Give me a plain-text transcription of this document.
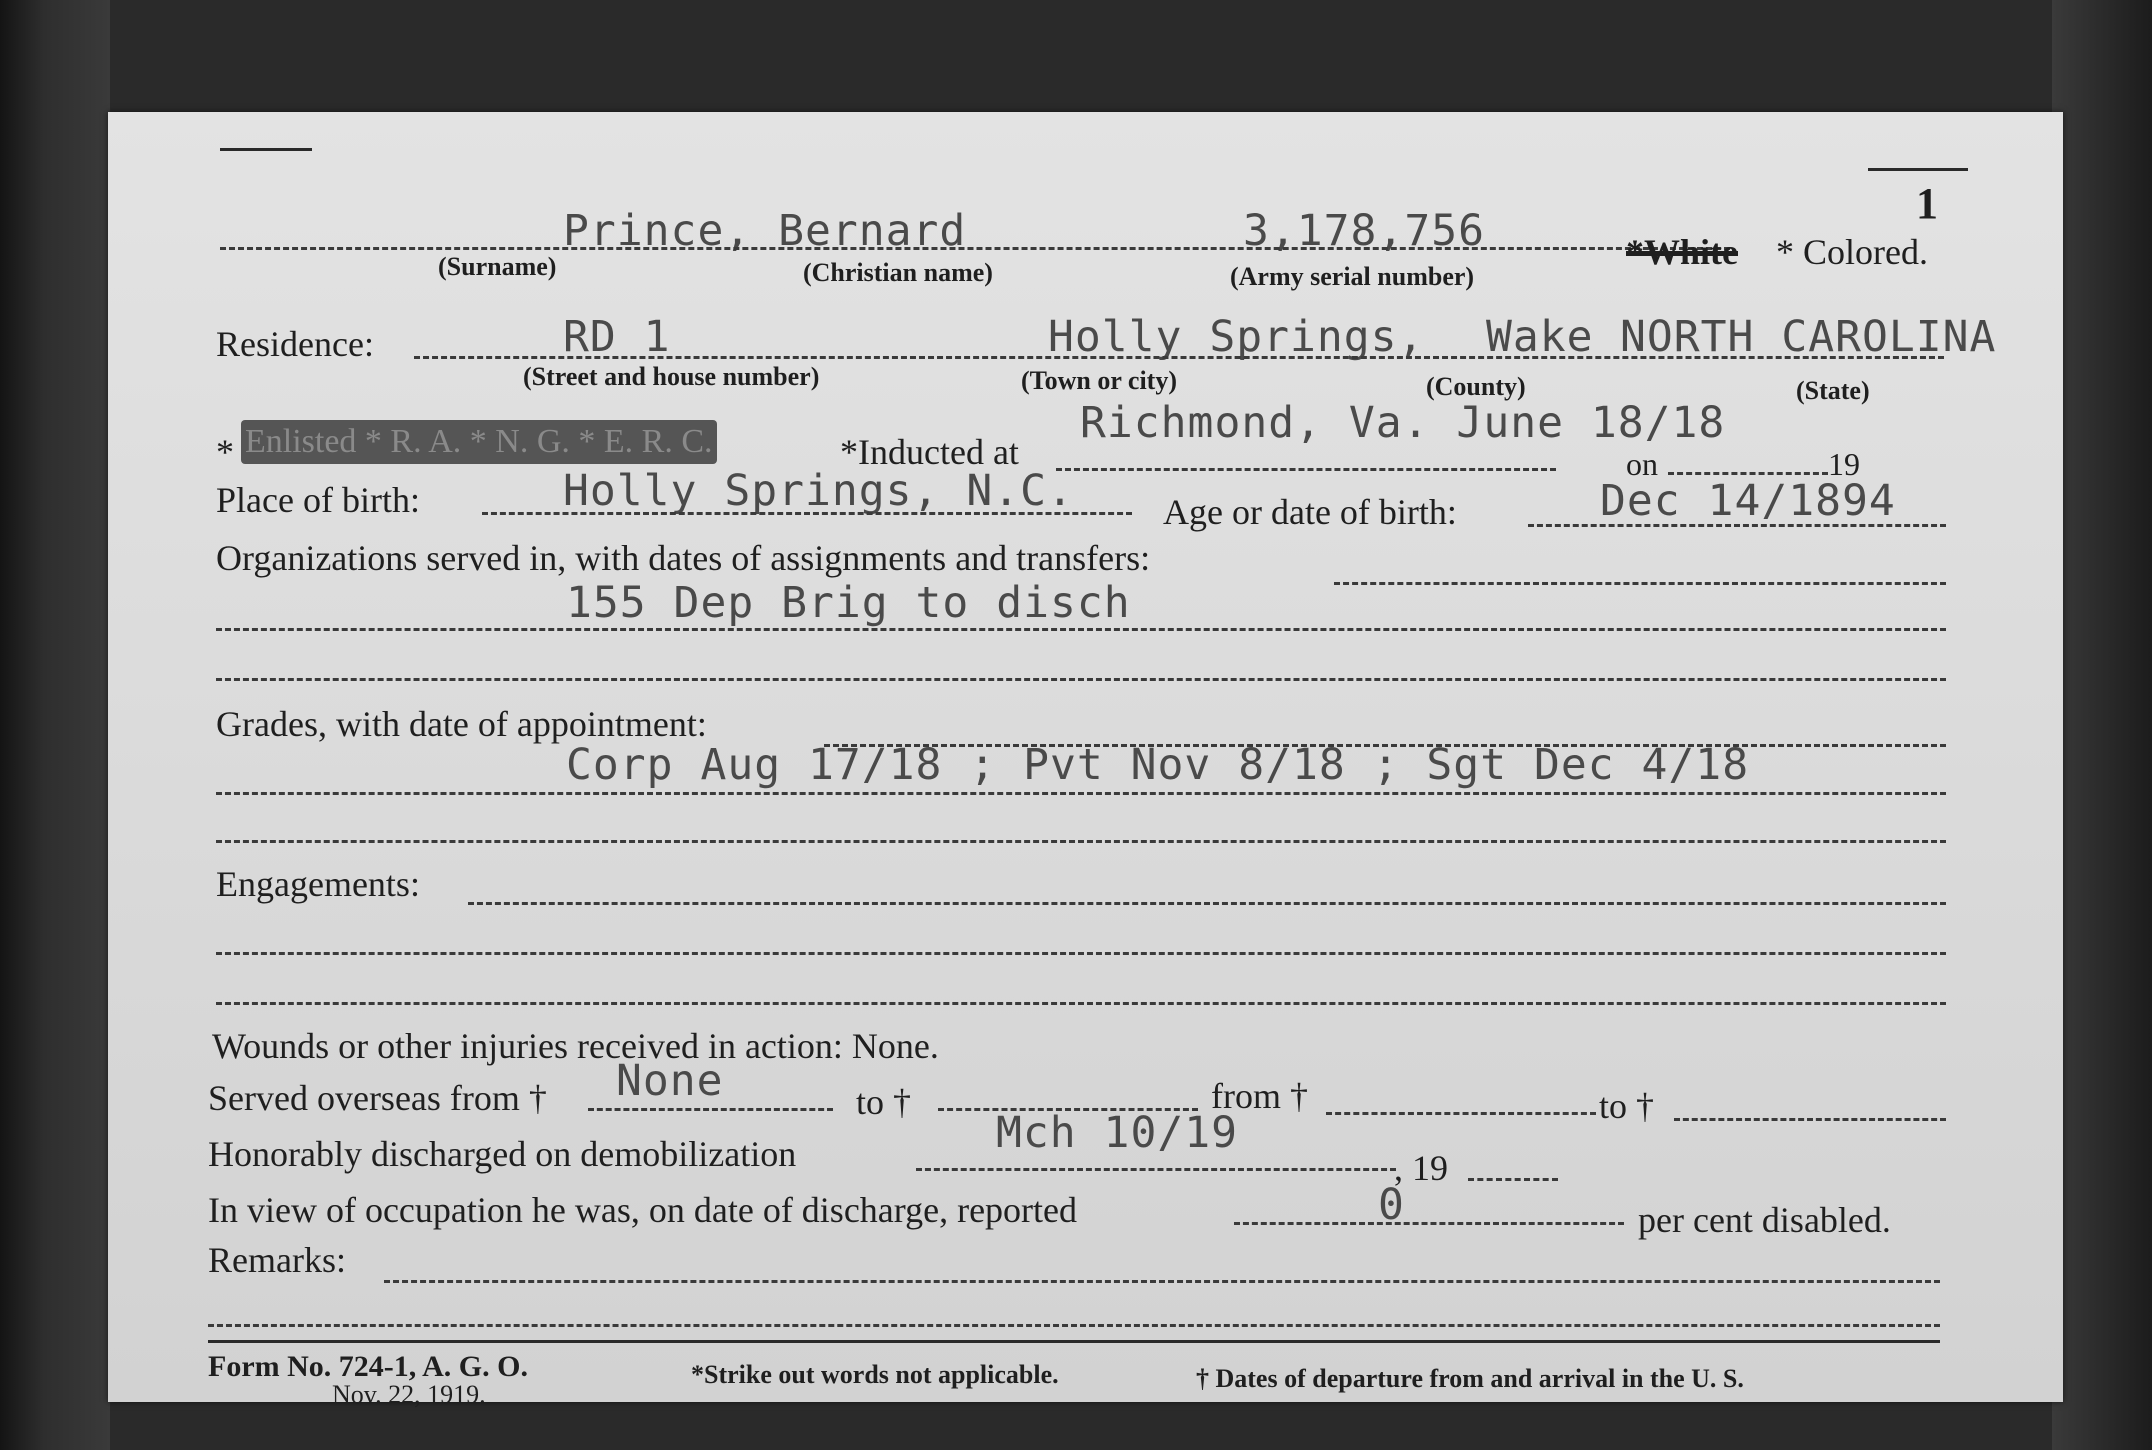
1
Prince, Bernard	3,178,756
(Surname)	(Christian name)	(Army serial number)
*White * Colored.
Residence:	RD 1	Holly Springs, Wake NORTH CAROLINA
(Street and house number)	(Town or city)	(County)	(State)
* Enlisted * R. A. * N. G. * E. R. C.	*Inducted at
Richmond, Va. June 18/18
on	19
Place of birth:	Holly Springs, N.C. Age or date of birth:	Dec 14/1894
Organizations served in, with dates of assignments and transfers:
155 Dep Brig to disch
Grades, with date of appointment:
Corp Aug 17/18 ; Pvt Nov 8/18 ; Sgt Dec 4/18
Engagements:
Wounds or other injuries received in action: None.
Served overseas from † None	to †	from †	to †
Honorably discharged on demobilization	Mch 10/19
, 19
In view of occupation he was, on date of discharge, reported	0	per cent disabled.
Remarks:
Form No. 724-1, A. G. O.
Nov. 22, 1919.
*Strike out words not applicable.	† Dates of departure from and arrival in the U. S.
